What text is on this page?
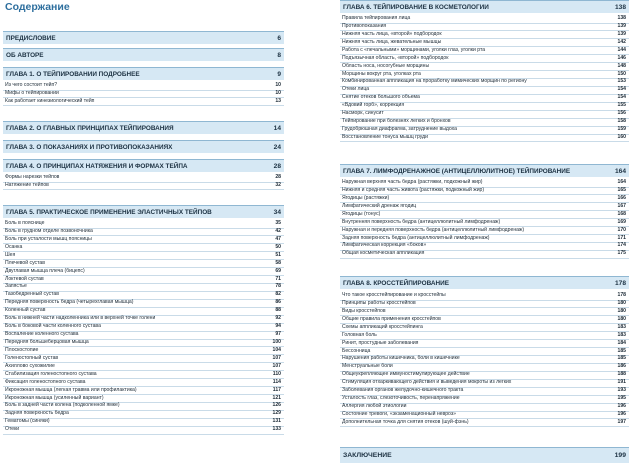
Содержание
ПРЕДИСЛОВИЕ	6
ОБ АВТОРЕ	8
ГЛАВА 1. О ТЕЙПИРОВАНИИ ПОДРОБНЕЕ	9
Из чего состоит тейп?	10
Мифы о тейпировании	10
Как работает кинезиологический тейп	13
ГЛАВА 2. О ГЛАВНЫХ ПРИНЦИПАХ ТЕЙПИРОВАНИЯ	14
ГЛАВА 3. О ПОКАЗАНИЯХ И ПРОТИВОПОКАЗАНИЯХ	24
ГЛАВА 4. О ПРИНЦИПАХ НАТЯЖЕНИЯ И ФОРМАХ ТЕЙПА	28
Формы нарезки тейпов	28
Натяжение тейпов	32
ГЛАВА 5. ПРАКТИЧЕСКОЕ ПРИМЕНЕНИЕ ЭЛАСТИЧНЫХ ТЕЙПОВ	34
Боль в пояснице	35
Боль в грудном отделе позвоночника	42
Боль при усталости мышц поясницы	47
Осанка	50
Шея	51
Плечевой сустав	58
Двуглавая мышца плеча (бицепс)	69
Локтевой сустав	71
Запястье	78
Тазобедренный сустав	82
Передняя поверхность бедра (четырехглавая мышца)	86
Коленный сустав	88
Боль в нижней части надколенника или в верхней точке голени	92
Боль в боковой части коленного сустава	94
Воспаление коленного сустава	97
Передняя большеберцовая мышца	100
Плоскостопие	104
Голеностопный сустав	107
Ахиллово сухожилие	107
Стабилизация голеностопного сустава	110
Фиксация голеностопного сустава	114
Икроножная мышца (легкая травма или профилактика)	117
Икроножная мышца (усиленный вариант)	121
Боль в задней части колена (подколенной ямке)	126
Задняя поверхность бедра	129
Гематомы (синяки)	131
Отеки	133
ГЛАВА 6. ТЕЙПИРОВАНИЕ В КОСМЕТОЛОГИИ	138
Правила тейпирования лица	138
Противопоказания	139
Нижняя часть лица, «второй» подбородок	139
Нижняя часть лица, жевательные мышцы	142
Работа с «печальными» морщинами, уголки глаз, уголки рта	144
Подъязычная область, «второй» подбородок	146
Область носа, носогубные морщины	148
Морщины вокруг рта, уголках рта	150
Комбинированная аппликация на проработку мимических морщин по региону	153
Отеки лица	154
Снятие отеков большого объема	154
«Вдовий горб», коррекция	155
Насморк, синусит	156
Тейпирование при болезнях легких и бронхов	158
Грудобрюшная диафрагма, затруднение выдоха	159
Восстановление тонуса мышц груди	160
ГЛАВА 7. ЛИМФОДРЕНАЖНОЕ (АНТИЦЕЛЛЮЛИТНОЕ) ТЕЙПИРОВАНИЕ	164
Наружная верхняя часть бедра (растяжки, подкожный жир)	164
Нижняя и средняя часть живота (растяжки, подкожный жир)	165
Ягодицы (растяжки)	166
Лимфатический дренаж ягодиц	167
Ягодицы (тонус)	168
Внутренняя поверхность бедра (антицеллюлитный лимфодренаж)	169
Наружная и передняя поверхность бедра (антицеллюлитный лимфодренаж)	170
Задняя поверхность бедра (антицеллюлитный лимфодренаж)	171
Лимфатическая коррекция «боков»	174
Общая косметическая аппликация	175
ГЛАВА 8. КРОССТЕЙПИРОВАНИЕ	178
Что такое кросстейпирование и кросстейпы	178
Принципы работы кросстейпов	180
Виды кросстейпов	180
Общие правила применения кросстейпов	180
Схемы аппликаций кросстейпинга	183
Головная боль	183
Ринит, простудные заболевания	184
Бессонница	185
Нарушения работы кишечника, боли в кишечнике	185
Менструальные боли	186
Общеукрепляющее иммуностимулирующее действие	188
Стимуляция отхаркивающего действия и выведения мокроты из легких	191
Заболевания органов желудочно-кишечного тракта	193
Усталость глаз, слезоточивость, перенапряжение	195
Аллергия любой этиологии	196
Состояние тревоги, «экзаменационный невроз»	196
Дополнительная точка для снятия отеков (шуй-фэнь)	197
ЗАКЛЮЧЕНИЕ	199
